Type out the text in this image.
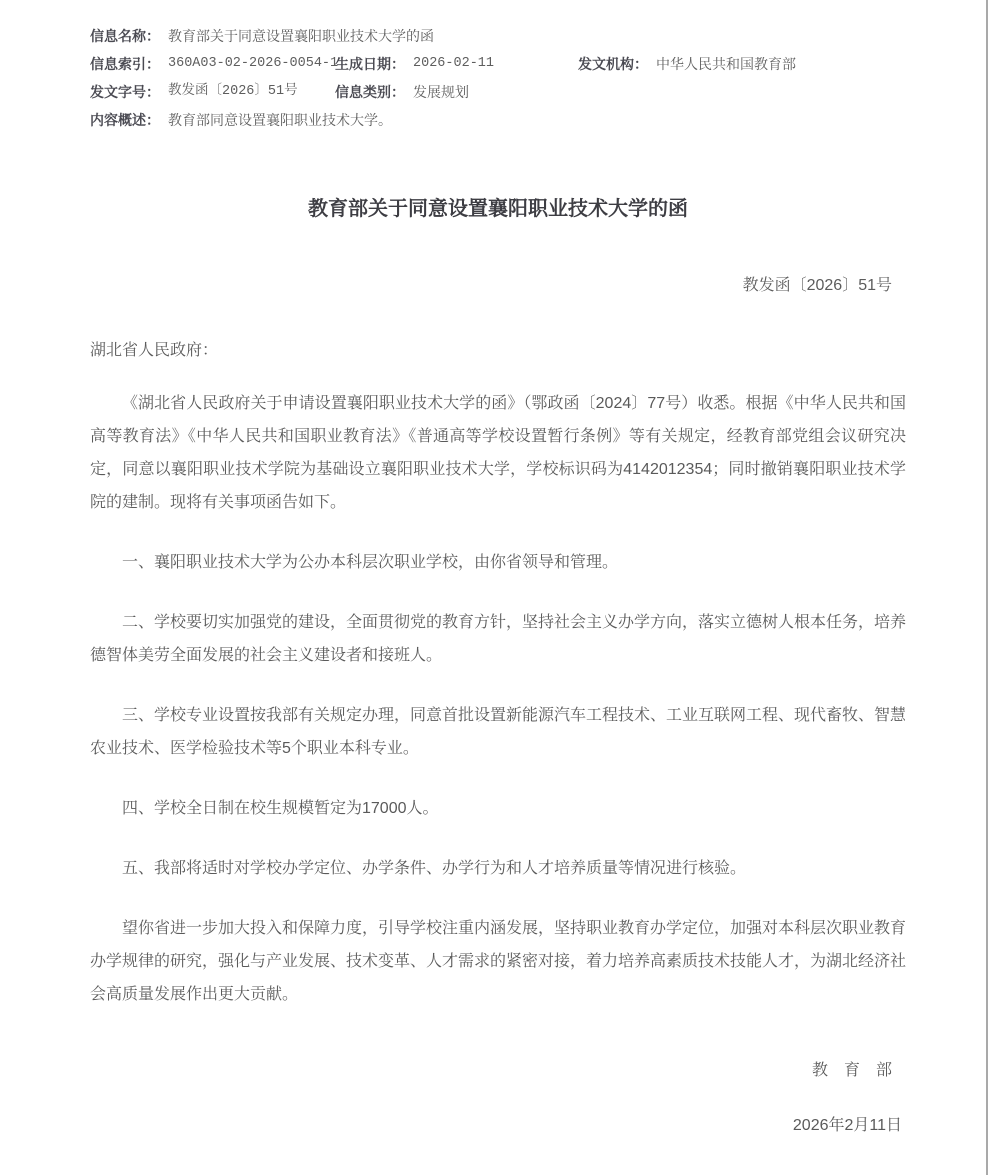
信息名称： 教育部关于同意设置襄阳职业技术大学的函
信息索引： 360A03-02-2026-0054-1
生成日期： 2026-02-11	发文机构： 中华人民共和国教育部
发文字号： 教发函〔2026〕51号	信息类别： 发展规划
内容概述： 教育部同意设置襄阳职业技术大学。
教育部关于同意设置襄阳职业技术大学的函
教发函〔2026〕51号
湖北省人民政府：

《湖北省人民政府关于申请设置襄阳职业技术大学的函》（鄂政函〔2024〕77号）收悉。根据《中华人民共和国高等教育法》《中华人民共和国职业教育法》《普通高等学校设置暂行条例》等有关规定，经教育部党组会议研究决定，同意以襄阳职业技术学院为基础设立襄阳职业技术大学，学校标识码为4142012354；同时撤销襄阳职业技术学院的建制。现将有关事项函告如下。

一、襄阳职业技术大学为公办本科层次职业学校，由你省领导和管理。

二、学校要切实加强党的建设，全面贯彻党的教育方针，坚持社会主义办学方向，落实立德树人根本任务，培养德智体美劳全面发展的社会主义建设者和接班人。

三、学校专业设置按我部有关规定办理，同意首批设置新能源汽车工程技术、工业互联网工程、现代畜牧、智慧农业技术、医学检验技术等5个职业本科专业。

四、学校全日制在校生规模暂定为17000人。

五、我部将适时对学校办学定位、办学条件、办学行为和人才培养质量等情况进行核验。

望你省进一步加大投入和保障力度，引导学校注重内涵发展，坚持职业教育办学定位，加强对本科层次职业教育办学规律的研究，强化与产业发展、技术变革、人才需求的紧密对接，着力培养高素质技术技能人才，为湖北经济社会高质量发展作出更大贡献。

教　育　部
2026年2月11日
